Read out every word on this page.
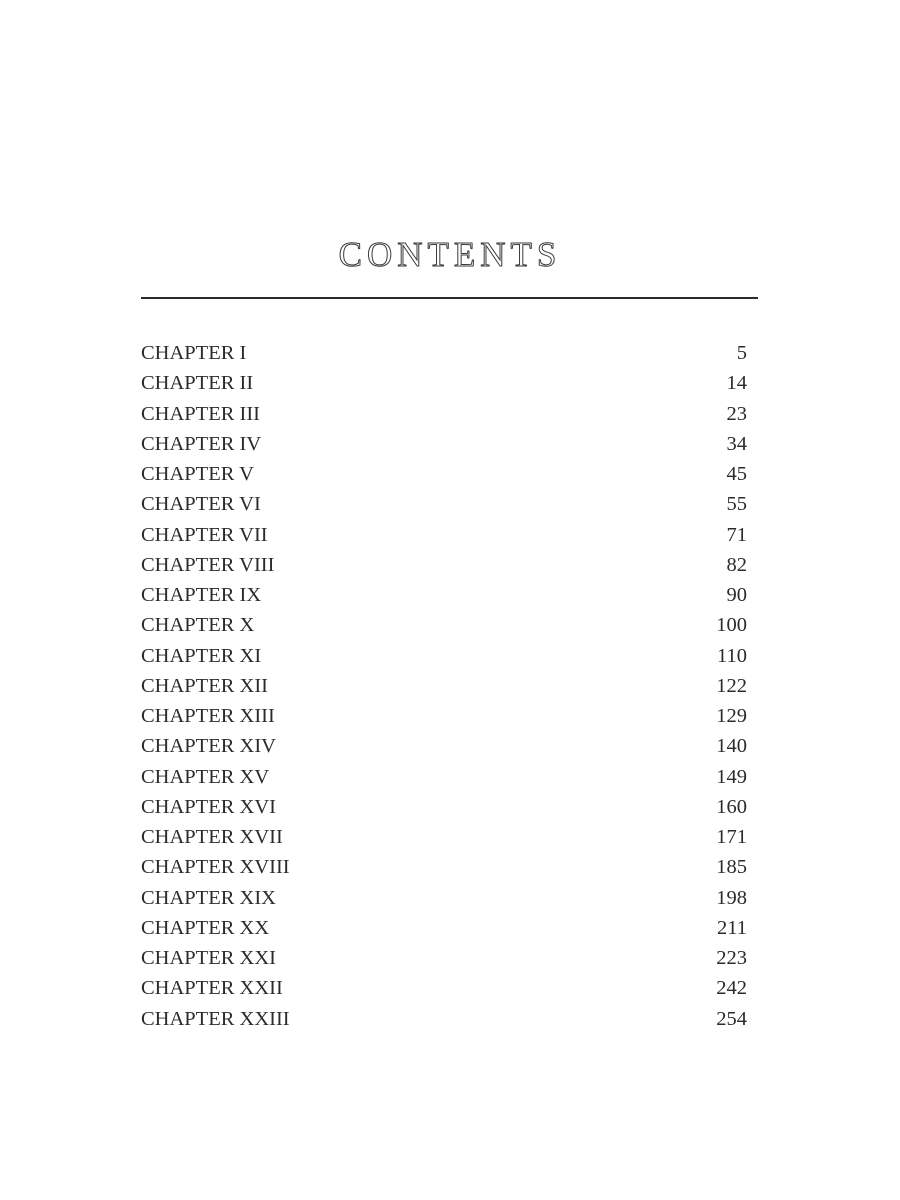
CONTENTS
CHAPTER I	5
CHAPTER II	14
CHAPTER III	23
CHAPTER IV	34
CHAPTER V	45
CHAPTER VI	55
CHAPTER VII	71
CHAPTER VIII	82
CHAPTER IX	90
CHAPTER X	100
CHAPTER XI	110
CHAPTER XII	122
CHAPTER XIII	129
CHAPTER XIV	140
CHAPTER XV	149
CHAPTER XVI	160
CHAPTER XVII	171
CHAPTER XVIII	185
CHAPTER XIX	198
CHAPTER XX	211
CHAPTER XXI	223
CHAPTER XXII	242
CHAPTER XXIII	254
